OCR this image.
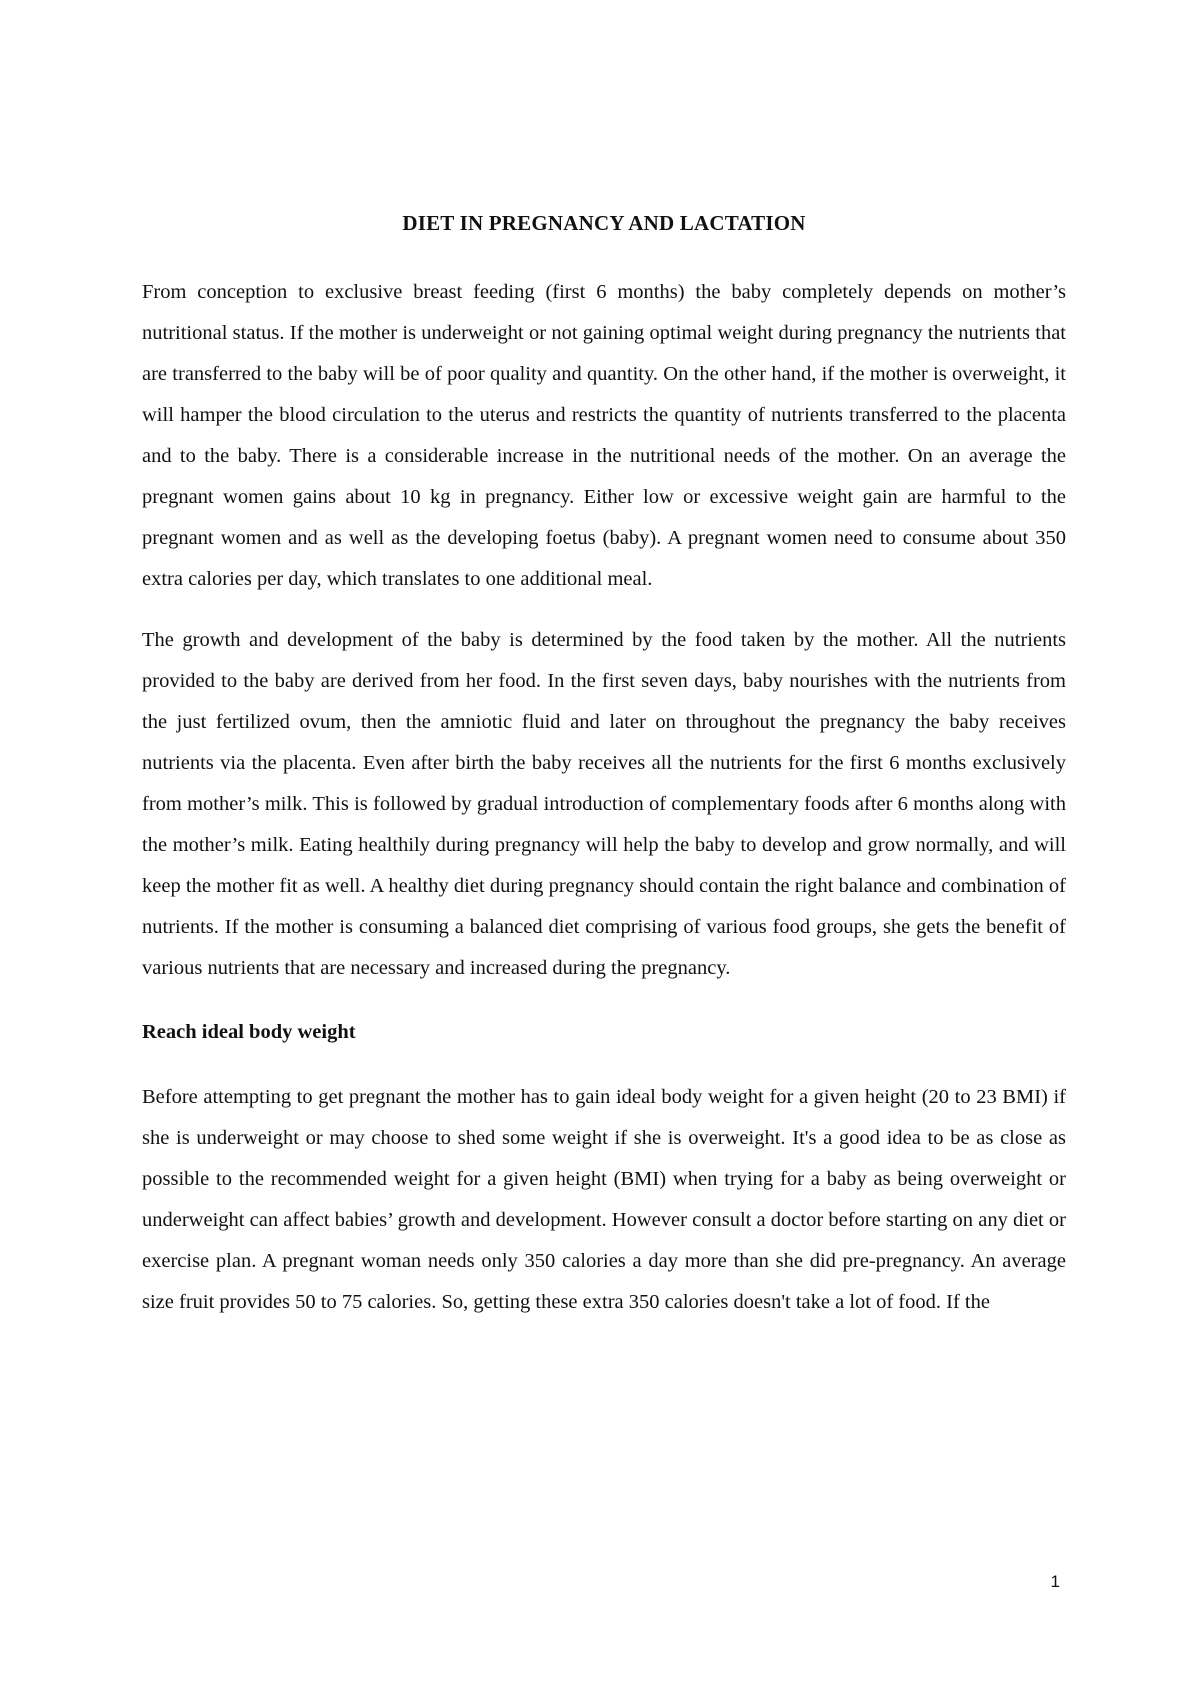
DIET IN PREGNANCY AND LACTATION

From conception to exclusive breast feeding (first 6 months) the baby completely depends on mother’s nutritional status. If the mother is underweight or not gaining optimal weight during pregnancy the nutrients that are transferred to the baby will be of poor quality and quantity. On the other hand, if the mother is overweight, it will hamper the blood circulation to the uterus and restricts the quantity of nutrients transferred to the placenta and to the baby. There is a considerable increase in the nutritional needs of the mother. On an average the pregnant women gains about 10 kg in pregnancy. Either low or excessive weight gain are harmful to the pregnant women and as well as the developing foetus (baby). A pregnant women need to consume about 350 extra calories per day, which translates to one additional meal.

The growth and development of the baby is determined by the food taken by the mother. All the nutrients provided to the baby are derived from her food. In the first seven days, baby nourishes with the nutrients from the just fertilized ovum, then the amniotic fluid and later on throughout the pregnancy the baby receives nutrients via the placenta. Even after birth the baby receives all the nutrients for the first 6 months exclusively from mother’s milk. This is followed by gradual introduction of complementary foods after 6 months along with the mother’s milk. Eating healthily during pregnancy will help the baby to develop and grow normally, and will keep the mother fit as well. A healthy diet during pregnancy should contain the right balance and combination of nutrients. If the mother is consuming a balanced diet comprising of various food groups, she gets the benefit of various nutrients that are necessary and increased during the pregnancy.

Reach ideal body weight

Before attempting to get pregnant the mother has to gain ideal body weight for a given height (20 to 23 BMI) if she is underweight or may choose to shed some weight if she is overweight. It's a good idea to be as close as possible to the recommended weight for a given height (BMI) when trying for a baby as being overweight or underweight can affect babies’ growth and development. However consult a doctor before starting on any diet or exercise plan. A pregnant woman needs only 350 calories a day more than she did pre-pregnancy. An average size fruit provides 50 to 75 calories. So, getting these extra 350 calories doesn't take a lot of food. If the

1
